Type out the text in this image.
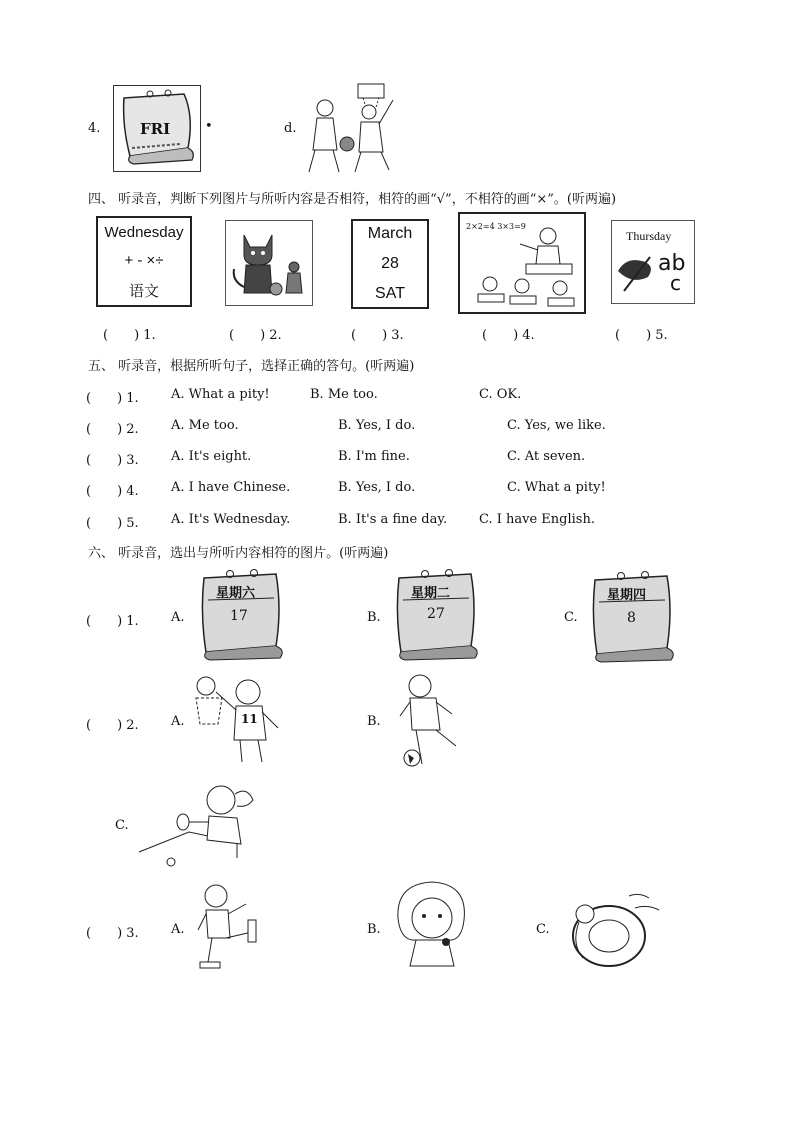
4.	FRI	•	d.
四、 听录音，判断下列图片与所听内容是否相符，相符的画“√”，不相符的画“×”。(听两遍)
Wednesday
+ - ×÷
语文
March
28
SAT
2×2=4 3×3=9
Thursday
ab
c
(　　) 1.	(　　) 2.	(　　) 3.	(　　) 4.	(　　) 5.
五、 听录音，根据所听句子，选择正确的答句。(听两遍)
(　　) 1. A. What a pity!	B. Me too.	C. OK.
(　　) 2. A. Me too.	B. Yes, I do.	C. Yes, we like.
(　　) 3. A. It's eight.	B. I'm fine.	C. At seven.
(　　) 4. A. I have Chinese.	B. Yes, I do.	C. What a pity!
(　　) 5. A. It's Wednesday.	B. It's a fine day. C. I have English.
六、 听录音，选出与所听内容相符的图片。(听两遍)
(　　) 1. A.	B.	C.
星期六
17
星期二
27
星期四
8
(　　) 2. A.	B.
11
C.
(　　) 3. A.	B.	C.
